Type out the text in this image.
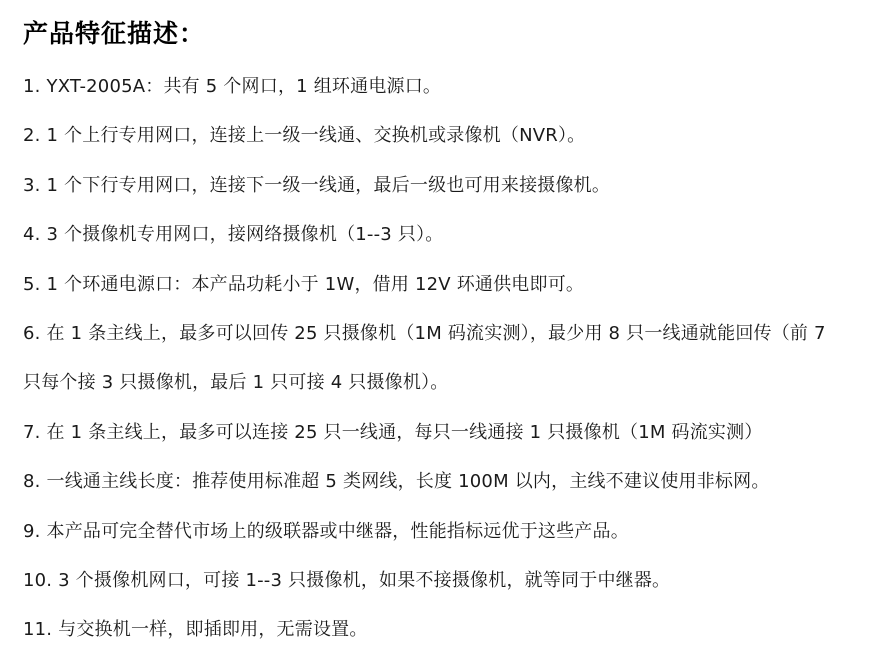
产品特征描述：
1. YXT-2005A：共有 5 个网口，1 组环通电源口。
2. 1 个上行专用网口，连接上一级一线通、交换机或录像机（NVR）。
3. 1 个下行专用网口，连接下一级一线通，最后一级也可用来接摄像机。
4. 3 个摄像机专用网口，接网络摄像机（1--3 只）。
5. 1 个环通电源口：本产品功耗小于 1W，借用 12V 环通供电即可。
6. 在 1 条主线上，最多可以回传 25 只摄像机（1M 码流实测），最少用 8 只一线通就能回传（前 7
只每个接 3 只摄像机，最后 1 只可接 4 只摄像机）。
7. 在 1 条主线上，最多可以连接 25 只一线通，每只一线通接 1 只摄像机（1M 码流实测）
8. 一线通主线长度：推荐使用标准超 5 类网线，长度 100M 以内，主线不建议使用非标网。
9. 本产品可完全替代市场上的级联器或中继器，性能指标远优于这些产品。
10. 3 个摄像机网口，可接 1--3 只摄像机，如果不接摄像机，就等同于中继器。
11. 与交换机一样，即插即用，无需设置。
